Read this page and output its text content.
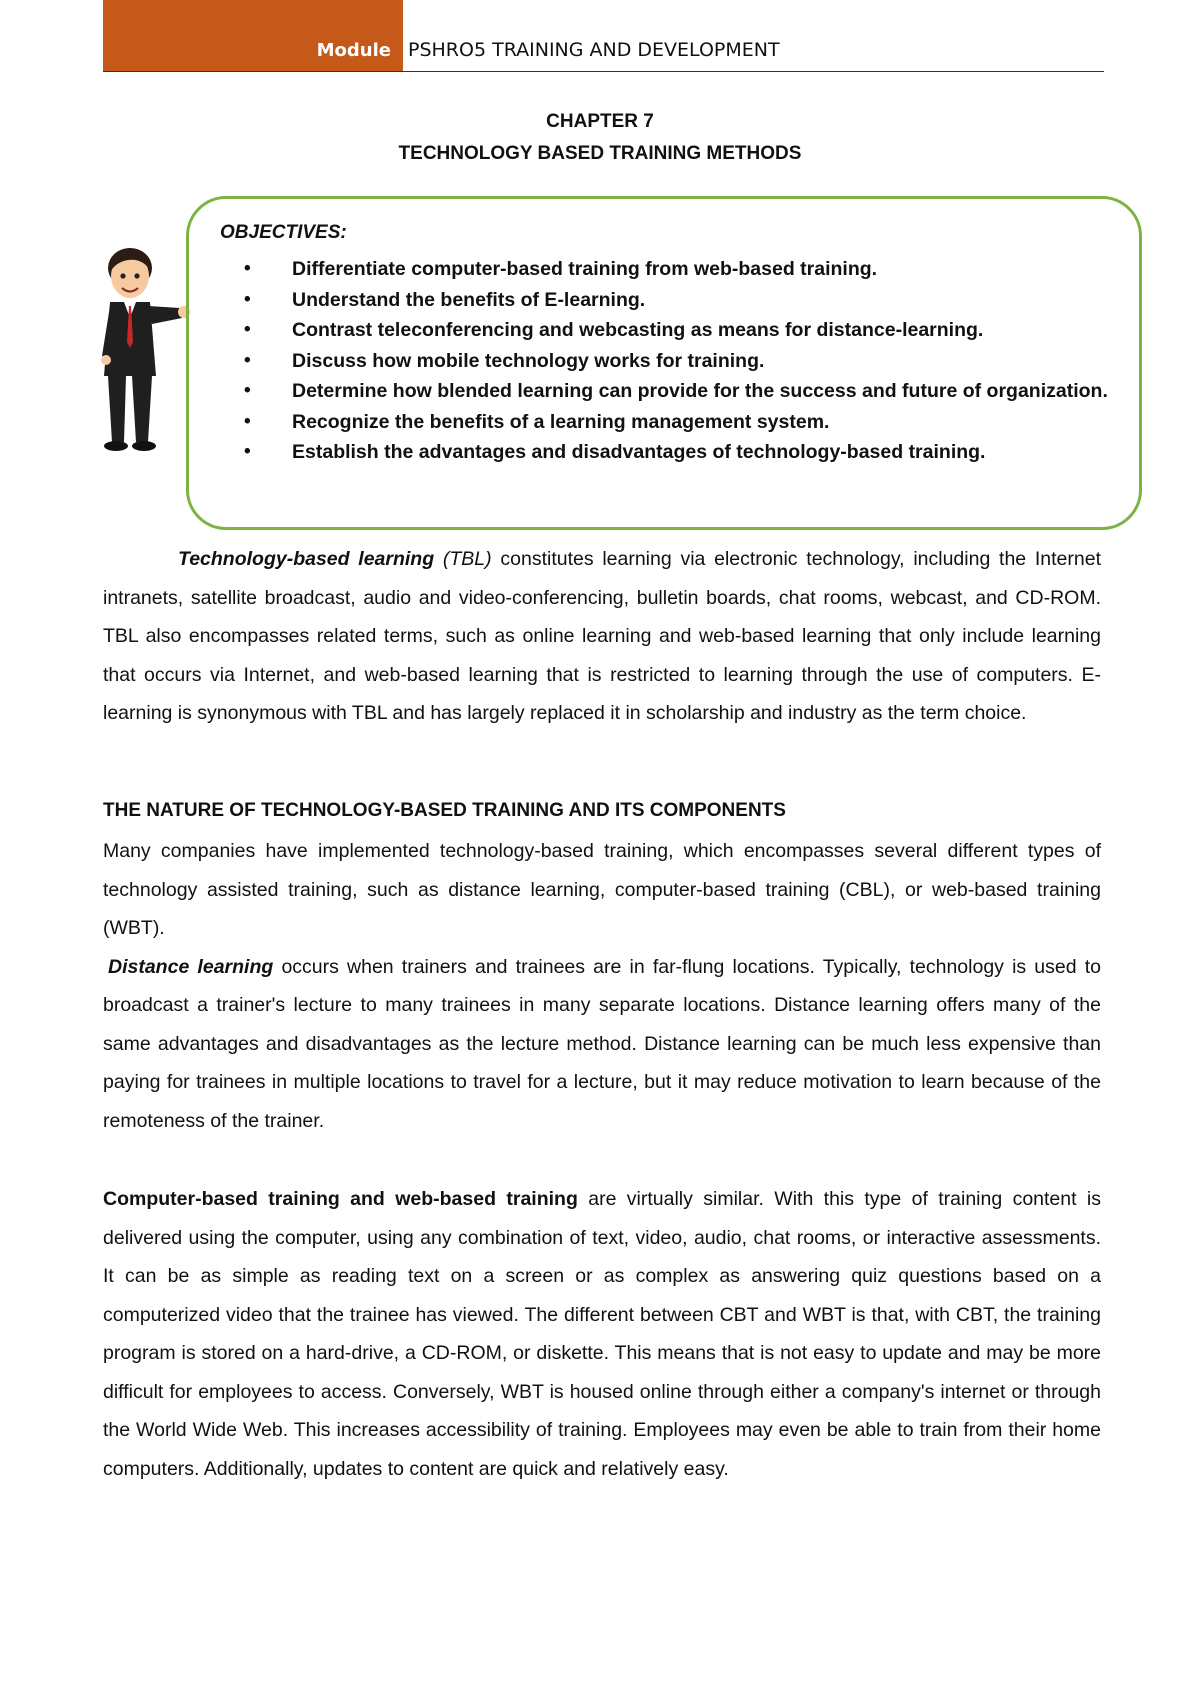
Module PSHRO5 TRAINING AND DEVELOPMENT
CHAPTER 7
TECHNOLOGY BASED TRAINING METHODS
OBJECTIVES:
• Differentiate computer-based training from web-based training.
• Understand the benefits of E-learning.
• Contrast teleconferencing and webcasting as means for distance-learning.
• Discuss how mobile technology works for training.
• Determine how blended learning can provide for the success and future of organization.
• Recognize the benefits of a learning management system.
• Establish the advantages and disadvantages of technology-based training.

Technology-based learning (TBL) constitutes learning via electronic technology, including the Internet intranets, satellite broadcast, audio and video-conferencing, bulletin boards, chat rooms, webcast, and CD-ROM. TBL also encompasses related terms, such as online learning and web-based learning that only include learning that occurs via Internet, and web-based learning that is restricted to learning through the use of computers. E-learning is synonymous with TBL and has largely replaced it in scholarship and industry as the term choice.

THE NATURE OF TECHNOLOGY-BASED TRAINING AND ITS COMPONENTS

Many companies have implemented technology-based training, which encompasses several different types of technology assisted training, such as distance learning, computer-based training (CBL), or web-based training (WBT).
Distance learning occurs when trainers and trainees are in far-flung locations. Typically, technology is used to broadcast a trainer's lecture to many trainees in many separate locations. Distance learning offers many of the same advantages and disadvantages as the lecture method. Distance learning can be much less expensive than paying for trainees in multiple locations to travel for a lecture, but it may reduce motivation to learn because of the remoteness of the trainer.

Computer-based training and web-based training are virtually similar. With this type of training content is delivered using the computer, using any combination of text, video, audio, chat rooms, or interactive assessments. It can be as simple as reading text on a screen or as complex as answering quiz questions based on a computerized video that the trainee has viewed. The different between CBT and WBT is that, with CBT, the training program is stored on a hard-drive, a CD-ROM, or diskette. This means that is not easy to update and may be more difficult for employees to access. Conversely, WBT is housed online through either a company's internet or through the World Wide Web. This increases accessibility of training. Employees may even be able to train from their home computers. Additionally, updates to content are quick and relatively easy.
